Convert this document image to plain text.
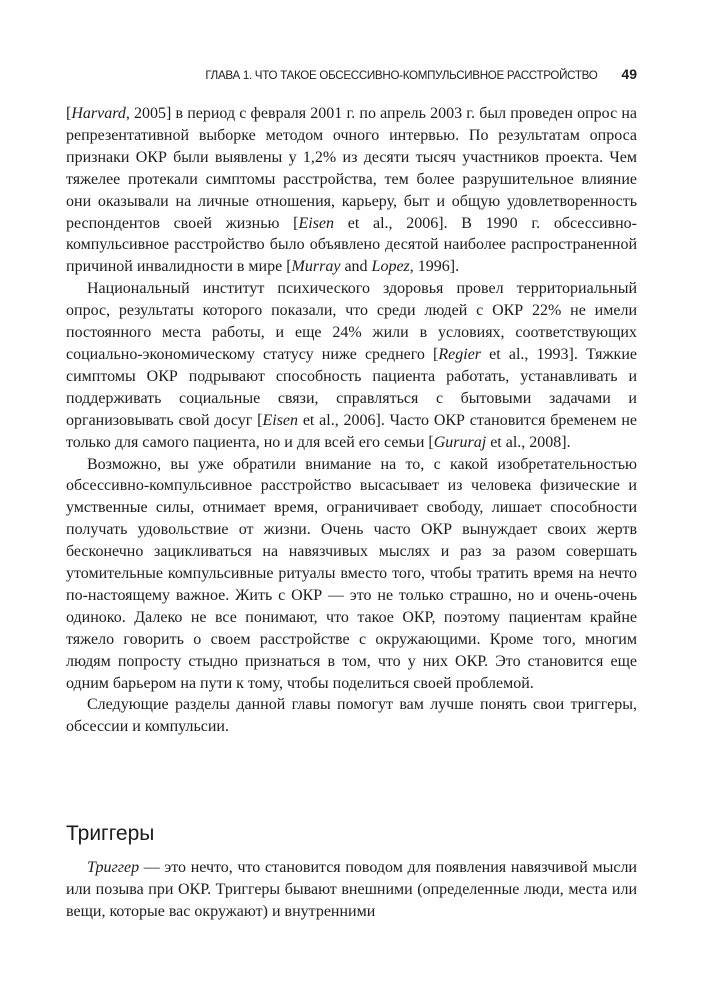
ГЛАВА 1. ЧТО ТАКОЕ ОБСЕССИВНО-КОМПУЛЬСИВНОЕ РАССТРОЙСТВО 49

[Harvard, 2005] в период с февраля 2001 г. по апрель 2003 г. был проведен опрос на репрезентативной выборке методом очного интервью. По результатам опроса признаки ОКР были выявлены у 1,2% из десяти тысяч участников проекта. Чем тяжелее протекали симптомы расстройства, тем более разрушительное влияние они оказывали на личные отношения, карьеру, быт и общую удовлетворенность респондентов своей жизнью [Eisen et al., 2006]. В 1990 г. обсессивно-компульсивное расстройство было объявлено десятой наиболее распространенной причиной инвалидности в мире [Murray and Lopez, 1996].

Национальный институт психического здоровья провел территориальный опрос, результаты которого показали, что среди людей с ОКР 22% не имели постоянного места работы, и еще 24% жили в условиях, соответствующих социально-экономическому статусу ниже среднего [Regier et al., 1993]. Тяжкие симптомы ОКР подрывают способность пациента работать, устанавливать и поддерживать социальные связи, справляться с бытовыми задачами и организовывать свой досуг [Eisen et al., 2006]. Часто ОКР становится бременем не только для самого пациента, но и для всей его семьи [Gururaj et al., 2008].

Возможно, вы уже обратили внимание на то, с какой изобретательностью обсессивно-компульсивное расстройство высасывает из человека физические и умственные силы, отнимает время, ограничивает свободу, лишает способности получать удовольствие от жизни. Очень часто ОКР вынуждает своих жертв бесконечно зацикливаться на навязчивых мыслях и раз за разом совершать утомительные компульсивные ритуалы вместо того, чтобы тратить время на нечто по-настоящему важное. Жить с ОКР — это не только страшно, но и очень-очень одиноко. Далеко не все понимают, что такое ОКР, поэтому пациентам крайне тяжело говорить о своем расстройстве с окружающими. Кроме того, многим людям попросту стыдно признаться в том, что у них ОКР. Это становится еще одним барьером на пути к тому, чтобы поделиться своей проблемой.

Следующие разделы данной главы помогут вам лучше понять свои триггеры, обсессии и компульсии.

Триггеры

Триггер — это нечто, что становится поводом для появления навязчивой мысли или позыва при ОКР. Триггеры бывают внешними (определенные люди, места или вещи, которые вас окружают) и внутренними
